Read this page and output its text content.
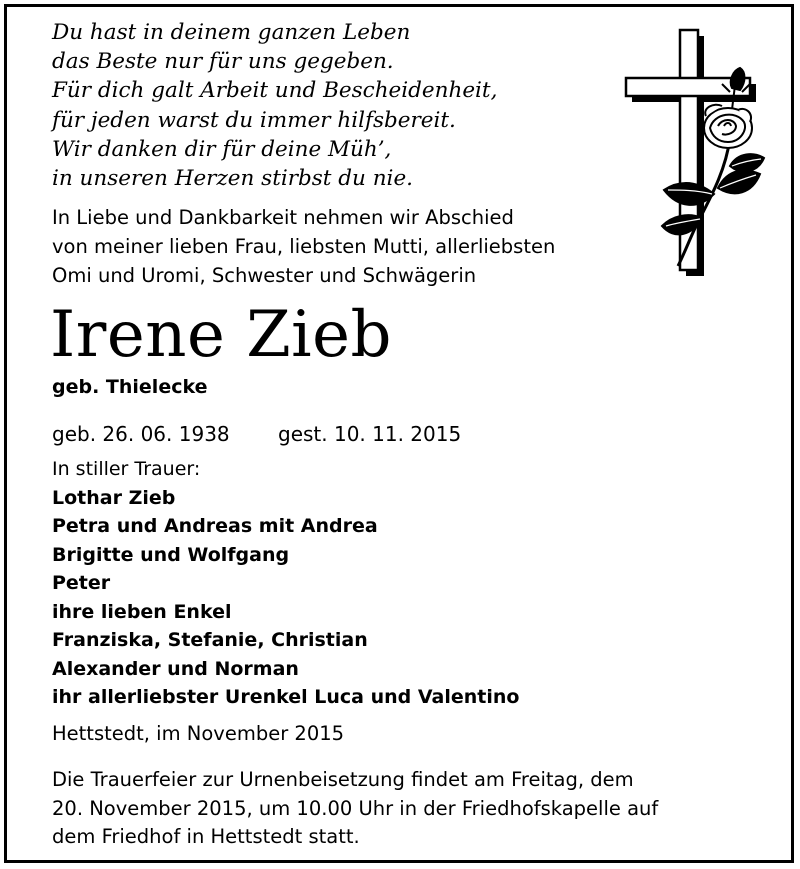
Du hast in deinem ganzen Leben
das Beste nur für uns gegeben.
Für dich galt Arbeit und Bescheidenheit,
für jeden warst du immer hilfsbereit.
Wir danken dir für deine Müh’,
in unseren Herzen stirbst du nie.
In Liebe und Dankbarkeit nehmen wir Abschied
von meiner lieben Frau, liebsten Mutti, allerliebsten
Omi und Uromi, Schwester und Schwägerin
Irene Zieb
geb. Thielecke
geb. 26. 06. 1938 gest. 10. 11. 2015
In stiller Trauer:
Lothar Zieb
Petra und Andreas mit Andrea
Brigitte und Wolfgang
Peter
ihre lieben Enkel
Franziska, Stefanie, Christian
Alexander und Norman
ihr allerliebster Urenkel Luca und Valentino
Hettstedt, im November 2015
Die Trauerfeier zur Urnenbeisetzung findet am Freitag, dem
20. November 2015, um 10.00 Uhr in der Friedhofskapelle auf
dem Friedhof in Hettstedt statt.
